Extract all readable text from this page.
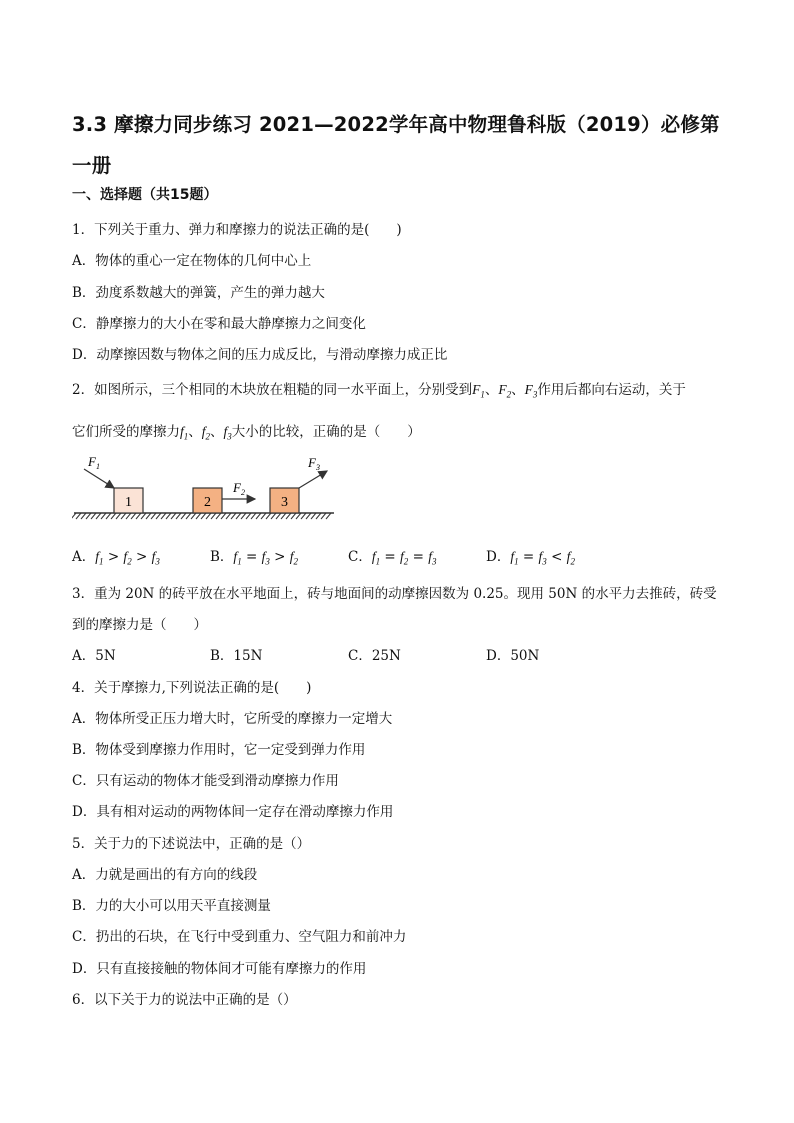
3.3 摩擦力同步练习 2021—2022学年高中物理鲁科版（2019）必修第一册
一、选择题（共15题）
1．下列关于重力、弹力和摩擦力的说法正确的是(　　)
A．物体的重心一定在物体的几何中心上
B．劲度系数越大的弹簧，产生的弹力越大
C．静摩擦力的大小在零和最大静摩擦力之间变化
D．动摩擦因数与物体之间的压力成反比，与滑动摩擦力成正比
2．如图所示，三个相同的木块放在粗糙的同一水平面上，分别受到$F_1$、$F_2$、$F_3$作用后都向右运动，关于
它们所受的摩擦力$f_1$、$f_2$、$f_3$大小的比较，正确的是（　　）
1	2	3
$F_1$
$F_2$
$F_3$
A．$f_1 > f_2 > f_3$	B．$f_1 = f_3 > f_2$	C．$f_1 = f_2 = f_3$	D．$f_1 = f_3 < f_2$
3．重为 20N 的砖平放在水平地面上，砖与地面间的动摩擦因数为 0.25。现用 50N 的水平力去推砖，砖受
到的摩擦力是（　　）
A．5N	B．15N	C．25N	D．50N
4．关于摩擦力,下列说法正确的是(　　)
A．物体所受正压力增大时，它所受的摩擦力一定增大
B．物体受到摩擦力作用时，它一定受到弹力作用
C．只有运动的物体才能受到滑动摩擦力作用
D．具有相对运动的两物体间一定存在滑动摩擦力作用
5．关于力的下述说法中，正确的是（）
A．力就是画出的有方向的线段
B．力的大小可以用天平直接测量
C．扔出的石块，在飞行中受到重力、空气阻力和前冲力
D．只有直接接触的物体间才可能有摩擦力的作用
6．以下关于力的说法中正确的是（）
